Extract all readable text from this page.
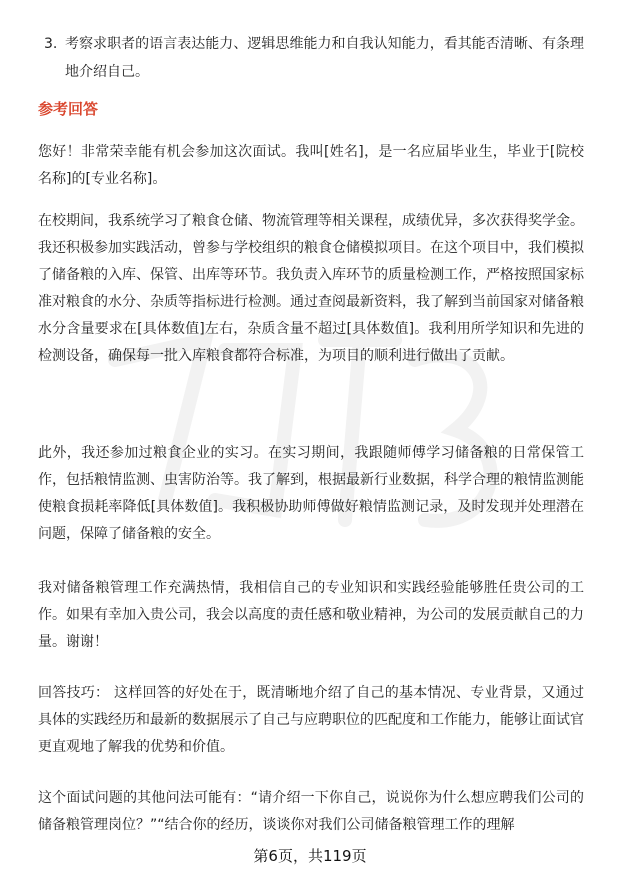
3. 考察求职者的语言表达能力、逻辑思维能力和自我认知能力，看其能否清晰、有条理地介绍自己。
参考回答

您好！非常荣幸能有机会参加这次面试。我叫[姓名]，是一名应届毕业生，毕业于[院校名称]的[专业名称]。

在校期间，我系统学习了粮食仓储、物流管理等相关课程，成绩优异，多次获得奖学金。我还积极参加实践活动，曾参与学校组织的粮食仓储模拟项目。在这个项目中，我们模拟了储备粮的入库、保管、出库等环节。我负责入库环节的质量检测工作，严格按照国家标准对粮食的水分、杂质等指标进行检测。通过查阅最新资料，我了解到当前国家对储备粮水分含量要求在[具体数值]左右，杂质含量不超过[具体数值]。我利用所学知识和先进的检测设备，确保每一批入库粮食都符合标准，为项目的顺利进行做出了贡献。

此外，我还参加过粮食企业的实习。在实习期间，我跟随师傅学习储备粮的日常保管工作，包括粮情监测、虫害防治等。我了解到，根据最新行业数据，科学合理的粮情监测能使粮食损耗率降低[具体数值]。我积极协助师傅做好粮情监测记录，及时发现并处理潜在问题，保障了储备粮的安全。

我对储备粮管理工作充满热情，我相信自己的专业知识和实践经验能够胜任贵公司的工作。如果有幸加入贵公司，我会以高度的责任感和敬业精神，为公司的发展贡献自己的力量。谢谢！

回答技巧： 这样回答的好处在于，既清晰地介绍了自己的基本情况、专业背景，又通过具体的实践经历和最新的数据展示了自己与应聘职位的匹配度和工作能力，能够让面试官更直观地了解我的优势和价值。

这个面试问题的其他问法可能有：“请介绍一下你自己，说说你为什么想应聘我们公司的储备粮管理岗位？”“结合你的经历，谈谈你对我们公司储备粮管理工作的理解

第6页，共119页
